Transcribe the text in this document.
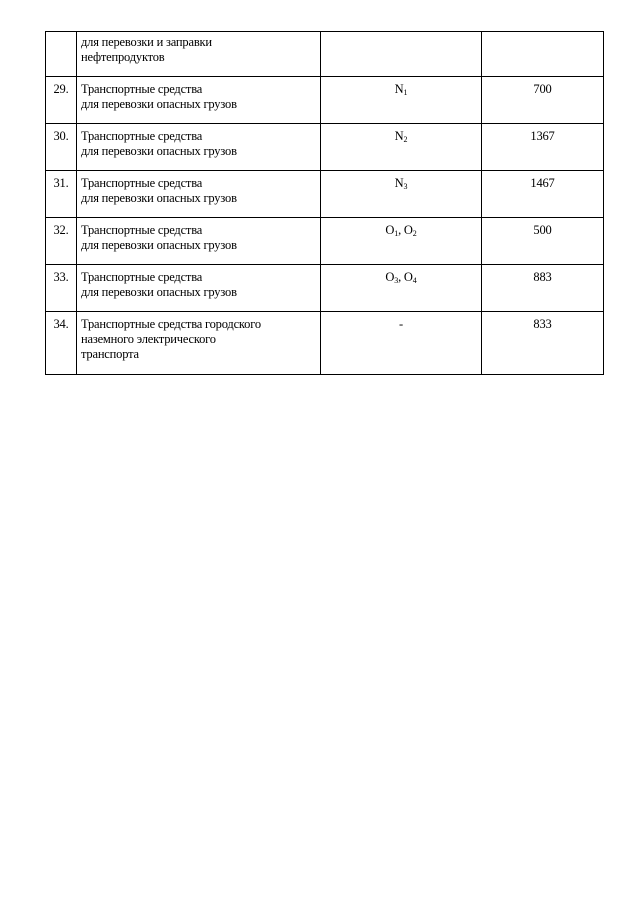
	для перевозки и заправки
нефтепродуктов		

29.	Транспортные средства
для перевозки опасных грузов	$N_1$	700
30.	Транспортные средства
для перевозки опасных грузов	$N_2$	1367
31.	Транспортные средства
для перевозки опасных грузов	$N_3$	1467
32.	Транспортные средства
для перевозки опасных грузов	$O_1$, $O_2$	500
33.	Транспортные средства
для перевозки опасных грузов	$O_3$, $O_4$	883
34.	Транспортные средства городского
наземного электрического
транспорта	-	833
